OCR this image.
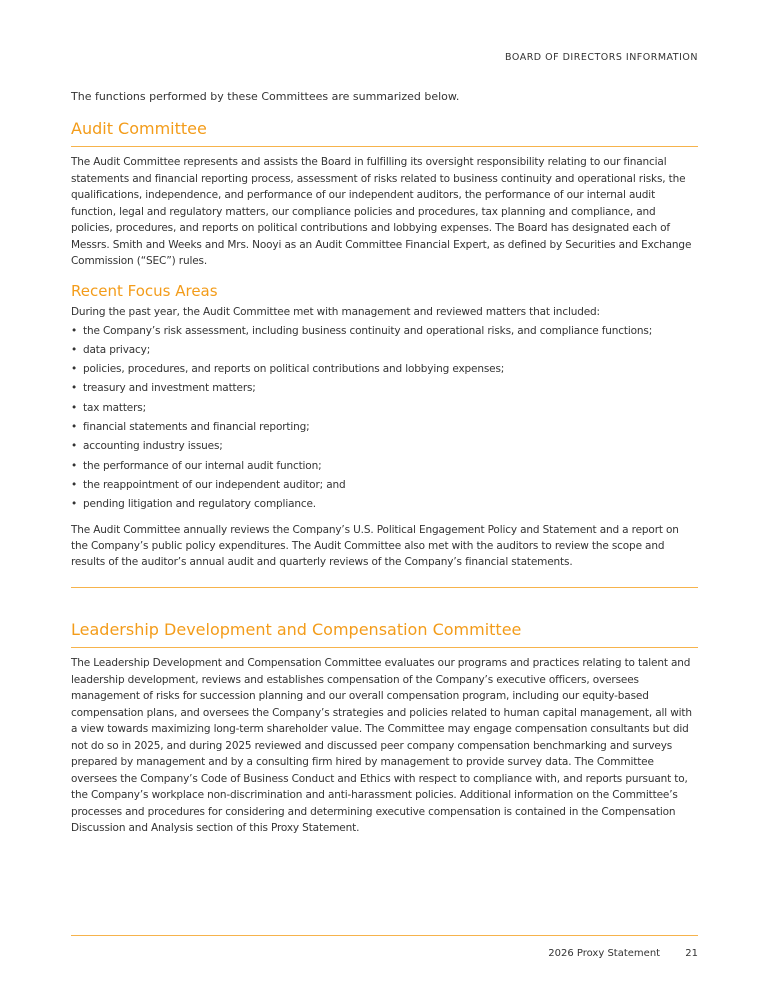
BOARD OF DIRECTORS INFORMATION

The functions performed by these Committees are summarized below.

Audit Committee

The Audit Committee represents and assists the Board in fulfilling its oversight responsibility relating to our financial statements and financial reporting process, assessment of risks related to business continuity and operational risks, the qualifications, independence, and performance of our independent auditors, the performance of our internal audit function, legal and regulatory matters, our compliance policies and procedures, tax planning and compliance, and policies, procedures, and reports on political contributions and lobbying expenses. The Board has designated each of Messrs. Smith and Weeks and Mrs. Nooyi as an Audit Committee Financial Expert, as defined by Securities and Exchange Commission (“SEC”) rules.

Recent Focus Areas

During the past year, the Audit Committee met with management and reviewed matters that included:

• the Company’s risk assessment, including business continuity and operational risks, and compliance functions;
• data privacy;
• policies, procedures, and reports on political contributions and lobbying expenses;
• treasury and investment matters;
• tax matters;
• financial statements and financial reporting;
• accounting industry issues;
• the performance of our internal audit function;
• the reappointment of our independent auditor; and
• pending litigation and regulatory compliance.

The Audit Committee annually reviews the Company’s U.S. Political Engagement Policy and Statement and a report on the Company’s public policy expenditures. The Audit Committee also met with the auditors to review the scope and results of the auditor’s annual audit and quarterly reviews of the Company’s financial statements.

Leadership Development and Compensation Committee

The Leadership Development and Compensation Committee evaluates our programs and practices relating to talent and leadership development, reviews and establishes compensation of the Company’s executive officers, oversees management of risks for succession planning and our overall compensation program, including our equity-based compensation plans, and oversees the Company’s strategies and policies related to human capital management, all with a view towards maximizing long-term shareholder value. The Committee may engage compensation consultants but did not do so in 2025, and during 2025 reviewed and discussed peer company compensation benchmarking and surveys prepared by management and by a consulting firm hired by management to provide survey data. The Committee oversees the Company’s Code of Business Conduct and Ethics with respect to compliance with, and reports pursuant to, the Company’s workplace non-discrimination and anti-harassment policies. Additional information on the Committee’s processes and procedures for considering and determining executive compensation is contained in the Compensation Discussion and Analysis section of this Proxy Statement.

2026 Proxy Statement	21
